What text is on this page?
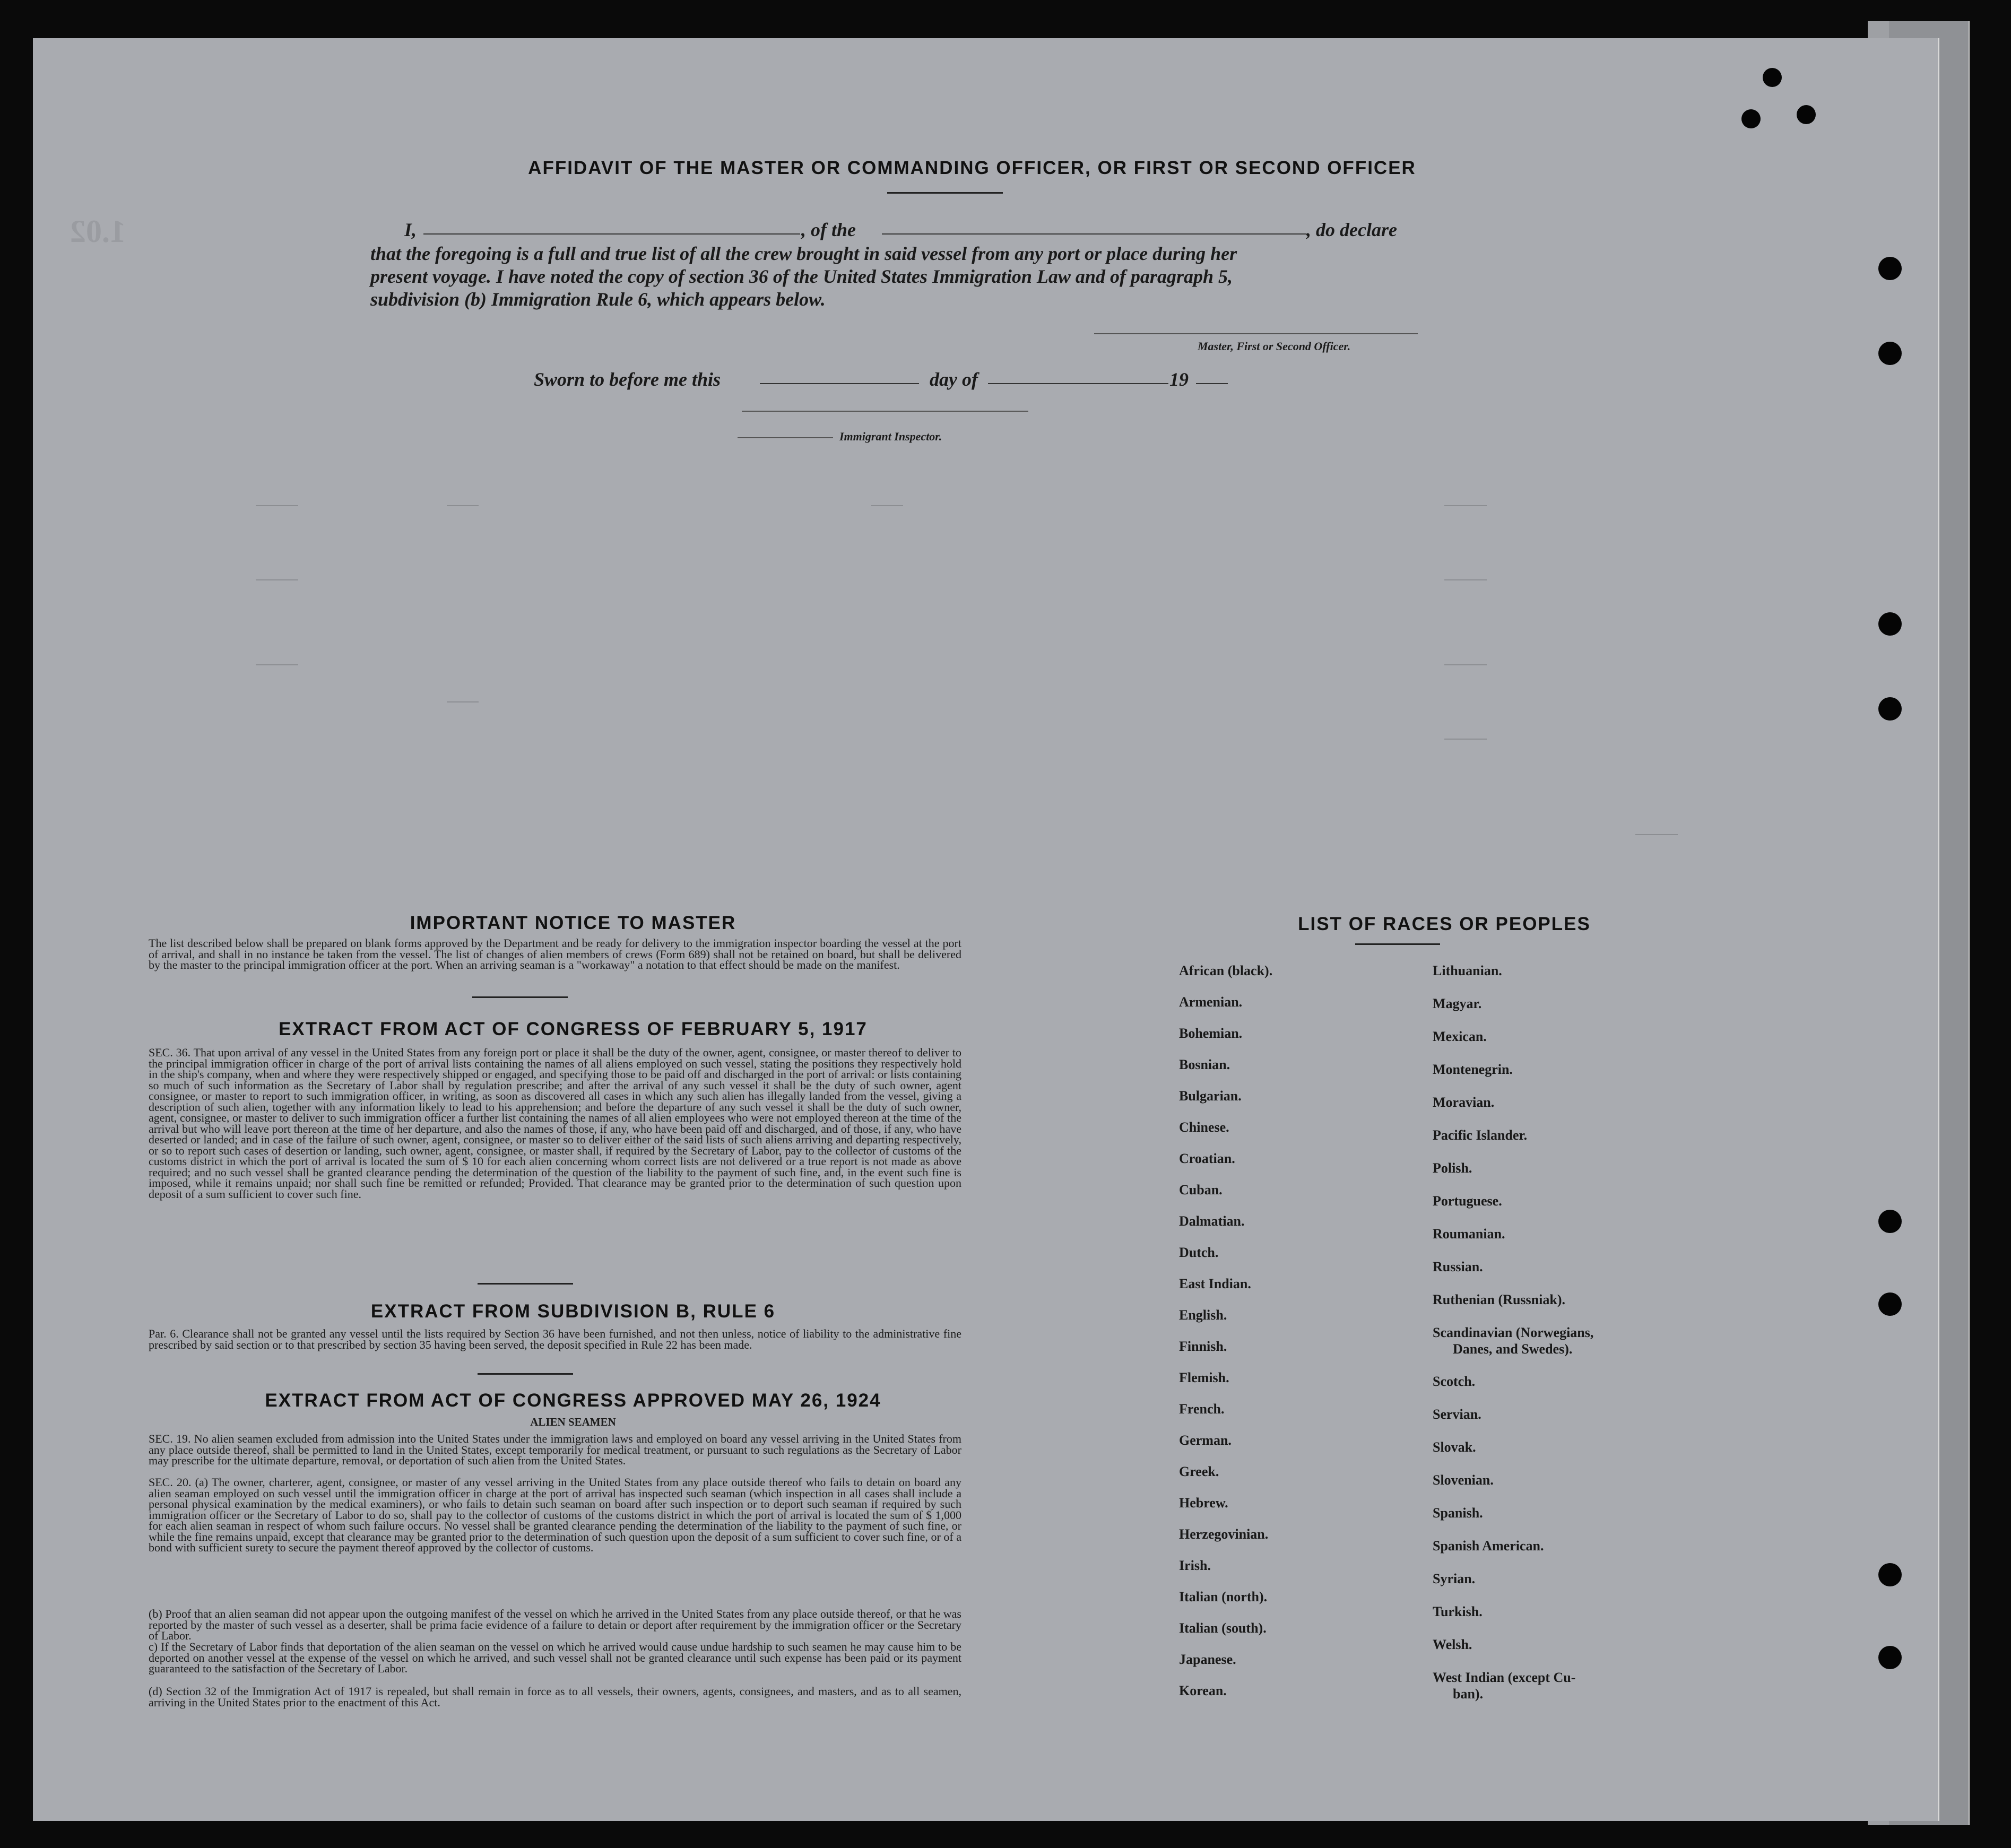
1.02
AFFIDAVIT OF THE MASTER OR COMMANDING OFFICER, OR FIRST OR SECOND OFFICER
I,	, of the	, do declare
that the foregoing is a full and true list of all the crew brought in said vessel from any port or place during her
present voyage. I have noted the copy of section 36 of the United States Immigration Law and of paragraph 5,
subdivision (b) Immigration Rule 6, which appears below.
Master, First or Second Officer.
Sworn to before me this	day of	19
Immigrant Inspector.
IMPORTANT NOTICE TO MASTER
The list described below shall be prepared on blank forms approved by the Department and be ready for delivery to the immigration inspector boarding the vessel at the port of arrival, and shall in no instance be taken from the vessel. The list of changes of alien members of crews (Form 689) shall not be retained on board, but shall be delivered by the master to the principal immigration officer at the port. When an arriving seaman is a "workaway" a notation to that effect should be made on the manifest.
EXTRACT FROM ACT OF CONGRESS OF FEBRUARY 5, 1917
SEC. 36. That upon arrival of any vessel in the United States from any foreign port or place it shall be the duty of the owner, agent, consignee, or master thereof to deliver to the principal immigration officer in charge of the port of arrival lists containing the names of all aliens employed on such vessel, stating the positions they respectively hold in the ship's company, when and where they were respectively shipped or engaged, and specifying those to be paid off and discharged in the port of arrival: or lists containing so much of such information as the Secretary of Labor shall by regulation prescribe; and after the arrival of any such vessel it shall be the duty of such owner, agent consignee, or master to report to such immigration officer, in writing, as soon as discovered all cases in which any such alien has illegally landed from the vessel, giving a description of such alien, together with any information likely to lead to his apprehension; and before the departure of any such vessel it shall be the duty of such owner, agent, consignee, or master to deliver to such immigration officer a further list containing the names of all alien employees who were not employed thereon at the time of the arrival but who will leave port thereon at the time of her departure, and also the names of those, if any, who have been paid off and discharged, and of those, if any, who have deserted or landed; and in case of the failure of such owner, agent, consignee, or master so to deliver either of the said lists of such aliens arriving and departing respectively, or so to report such cases of desertion or landing, such owner, agent, consignee, or master shall, if required by the Secretary of Labor, pay to the collector of customs of the customs district in which the port of arrival is located the sum of $ 10 for each alien concerning whom correct lists are not delivered or a true report is not made as above required; and no such vessel shall be granted clearance pending the determination of the question of the liability to the payment of such fine, and, in the event such fine is imposed, while it remains unpaid; nor shall such fine be remitted or refunded; Provided. That clearance may be granted prior to the determination of such question upon deposit of a sum sufficient to cover such fine.
EXTRACT FROM SUBDIVISION B, RULE 6
Par. 6. Clearance shall not be granted any vessel until the lists required by Section 36 have been furnished, and not then unless, notice of liability to the administrative fine prescribed by said section or to that prescribed by section 35 having been served, the deposit specified in Rule 22 has been made.
EXTRACT FROM ACT OF CONGRESS APPROVED MAY 26, 1924
ALIEN SEAMEN
SEC. 19. No alien seamen excluded from admission into the United States under the immigration laws and employed on board any vessel arriving in the United States from any place outside thereof, shall be permitted to land in the United States, except temporarily for medical treatment, or pursuant to such regulations as the Secretary of Labor may prescribe for the ultimate departure, removal, or deportation of such alien from the United States.
SEC. 20. (a) The owner, charterer, agent, consignee, or master of any vessel arriving in the United States from any place outside thereof who fails to detain on board any alien seaman employed on such vessel until the immigration officer in charge at the port of arrival has inspected such seaman (which inspection in all cases shall include a personal physical examination by the medical examiners), or who fails to detain such seaman on board after such inspection or to deport such seaman if required by such immigration officer or the Secretary of Labor to do so, shall pay to the collector of customs of the customs district in which the port of arrival is located the sum of $ 1,000 for each alien seaman in respect of whom such failure occurs. No vessel shall be granted clearance pending the determination of the liability to the payment of such fine, or while the fine remains unpaid, except that clearance may be granted prior to the determination of such question upon the deposit of a sum sufficient to cover such fine, or of a bond with sufficient surety to secure the payment thereof approved by the collector of customs.
(b) Proof that an alien seaman did not appear upon the outgoing manifest of the vessel on which he arrived in the United States from any place outside thereof, or that he was reported by the master of such vessel as a deserter, shall be prima facie evidence of a failure to detain or deport after requirement by the immigration officer or the Secretary of Labor.
c) If the Secretary of Labor finds that deportation of the alien seaman on the vessel on which he arrived would cause undue hardship to such seamen he may cause him to be deported on another vessel at the expense of the vessel on which he arrived, and such vessel shall not be granted clearance until such expense has been paid or its payment guaranteed to the satisfaction of the Secretary of Labor.
(d) Section 32 of the Immigration Act of 1917 is repealed, but shall remain in force as to all vessels, their owners, agents, consignees, and masters, and as to all seamen, arriving in the United States prior to the enactment of this Act.
LIST OF RACES OR PEOPLES
African (black).
Armenian.
Bohemian.
Bosnian.
Bulgarian.
Chinese.
Croatian.
Cuban.
Dalmatian.
Dutch.
East Indian.
English.
Finnish.
Flemish.
French.
German.
Greek.
Hebrew.
Herzegovinian.
Irish.
Italian (north).
Italian (south).
Japanese.
Korean.
Lithuanian.
Magyar.
Mexican.
Montenegrin.
Moravian.
Pacific Islander.
Polish.
Portuguese.
Roumanian.
Russian.
Ruthenian (Russniak).
Scandinavian (Norwegians,
Danes, and Swedes).
Scotch.
Servian.
Slovak.
Slovenian.
Spanish.
Spanish American.
Syrian.
Turkish.
Welsh.
West Indian (except Cu-
ban).
